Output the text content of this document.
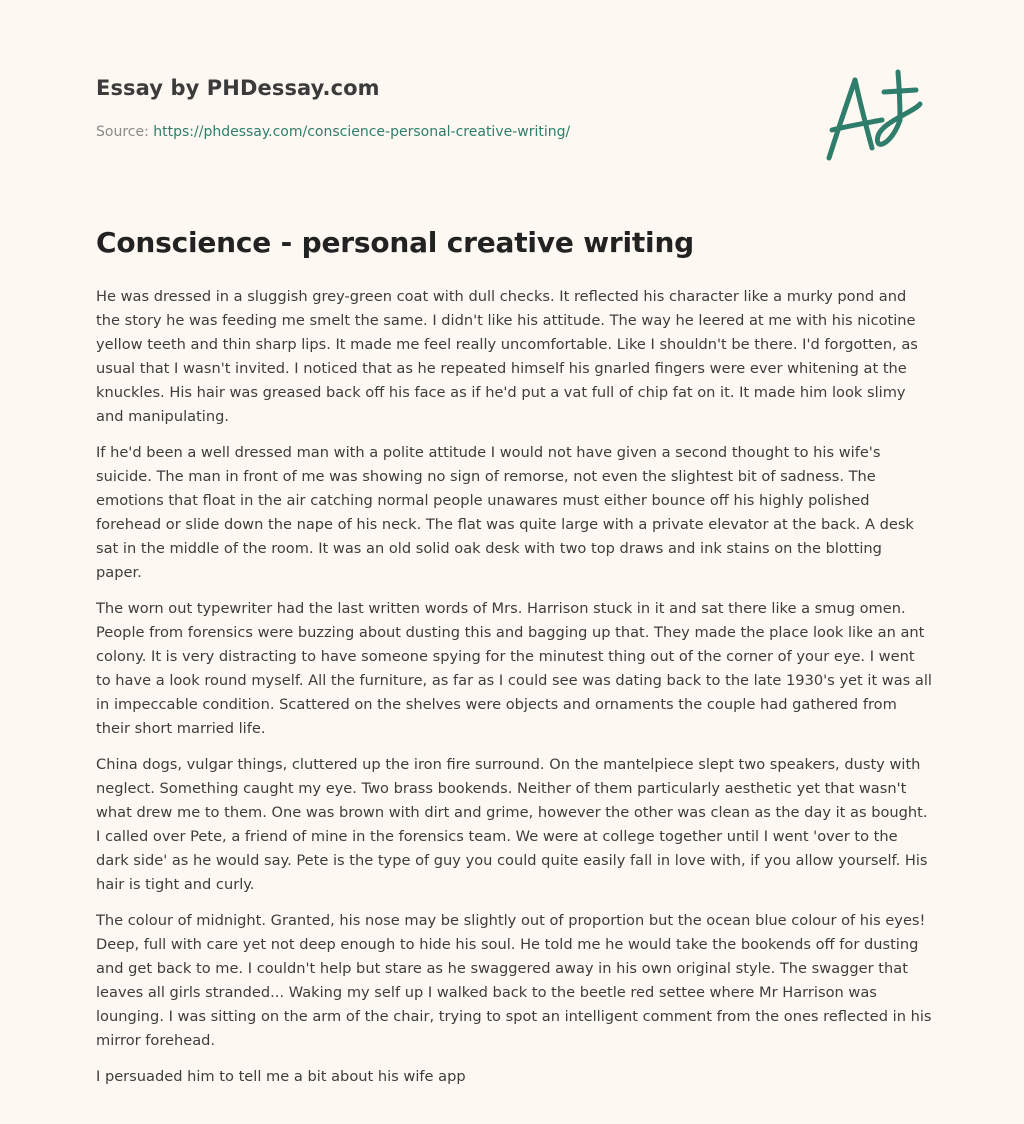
Essay by PHDessay.com
Source: https://phdessay.com/conscience-personal-creative-writing/
Conscience - personal creative writing

He was dressed in a sluggish grey-green coat with dull checks. It reflected his character like a murky pond and the story he was feeding me smelt the same. I didn't like his attitude. The way he leered at me with his nicotine yellow teeth and thin sharp lips. It made me feel really uncomfortable. Like I shouldn't be there. I'd forgotten, as usual that I wasn't invited. I noticed that as he repeated himself his gnarled fingers were ever whitening at the knuckles. His hair was greased back off his face as if he'd put a vat full of chip fat on it. It made him look slimy and manipulating.

If he'd been a well dressed man with a polite attitude I would not have given a second thought to his wife's suicide. The man in front of me was showing no sign of remorse, not even the slightest bit of sadness. The emotions that float in the air catching normal people unawares must either bounce off his highly polished forehead or slide down the nape of his neck. The flat was quite large with a private elevator at the back. A desk sat in the middle of the room. It was an old solid oak desk with two top draws and ink stains on the blotting paper.

The worn out typewriter had the last written words of Mrs. Harrison stuck in it and sat there like a smug omen. People from forensics were buzzing about dusting this and bagging up that. They made the place look like an ant colony. It is very distracting to have someone spying for the minutest thing out of the corner of your eye. I went to have a look round myself. All the furniture, as far as I could see was dating back to the late 1930's yet it was all in impeccable condition. Scattered on the shelves were objects and ornaments the couple had gathered from their short married life.

China dogs, vulgar things, cluttered up the iron fire surround. On the mantelpiece slept two speakers, dusty with neglect. Something caught my eye. Two brass bookends. Neither of them particularly aesthetic yet that wasn't what drew me to them. One was brown with dirt and grime, however the other was clean as the day it as bought. I called over Pete, a friend of mine in the forensics team. We were at college together until I went 'over to the dark side' as he would say. Pete is the type of guy you could quite easily fall in love with, if you allow yourself. His hair is tight and curly.

The colour of midnight. Granted, his nose may be slightly out of proportion but the ocean blue colour of his eyes! Deep, full with care yet not deep enough to hide his soul. He told me he would take the bookends off for dusting and get back to me. I couldn't help but stare as he swaggered away in his own original style. The swagger that leaves all girls stranded... Waking my self up I walked back to the beetle red settee where Mr Harrison was lounging. I was sitting on the arm of the chair, trying to spot an intelligent comment from the ones reflected in his mirror forehead.

I persuaded him to tell me a bit about his wife app
